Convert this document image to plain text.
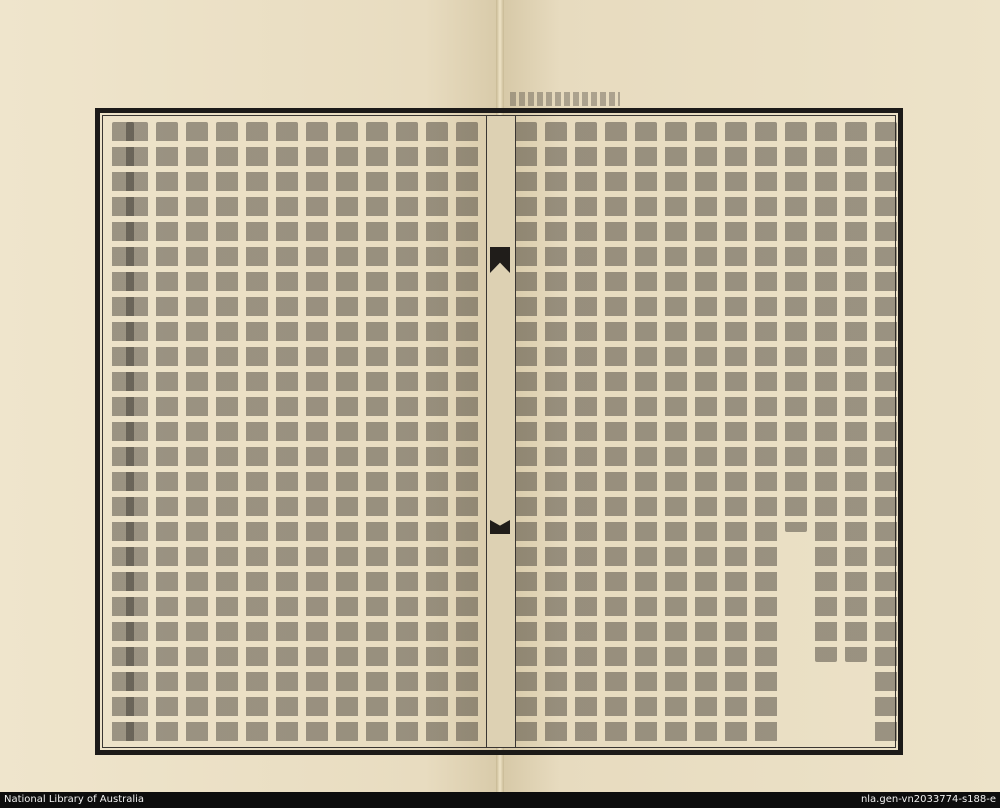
National Library of Australia	nla.gen-vn2033774-s188-e
